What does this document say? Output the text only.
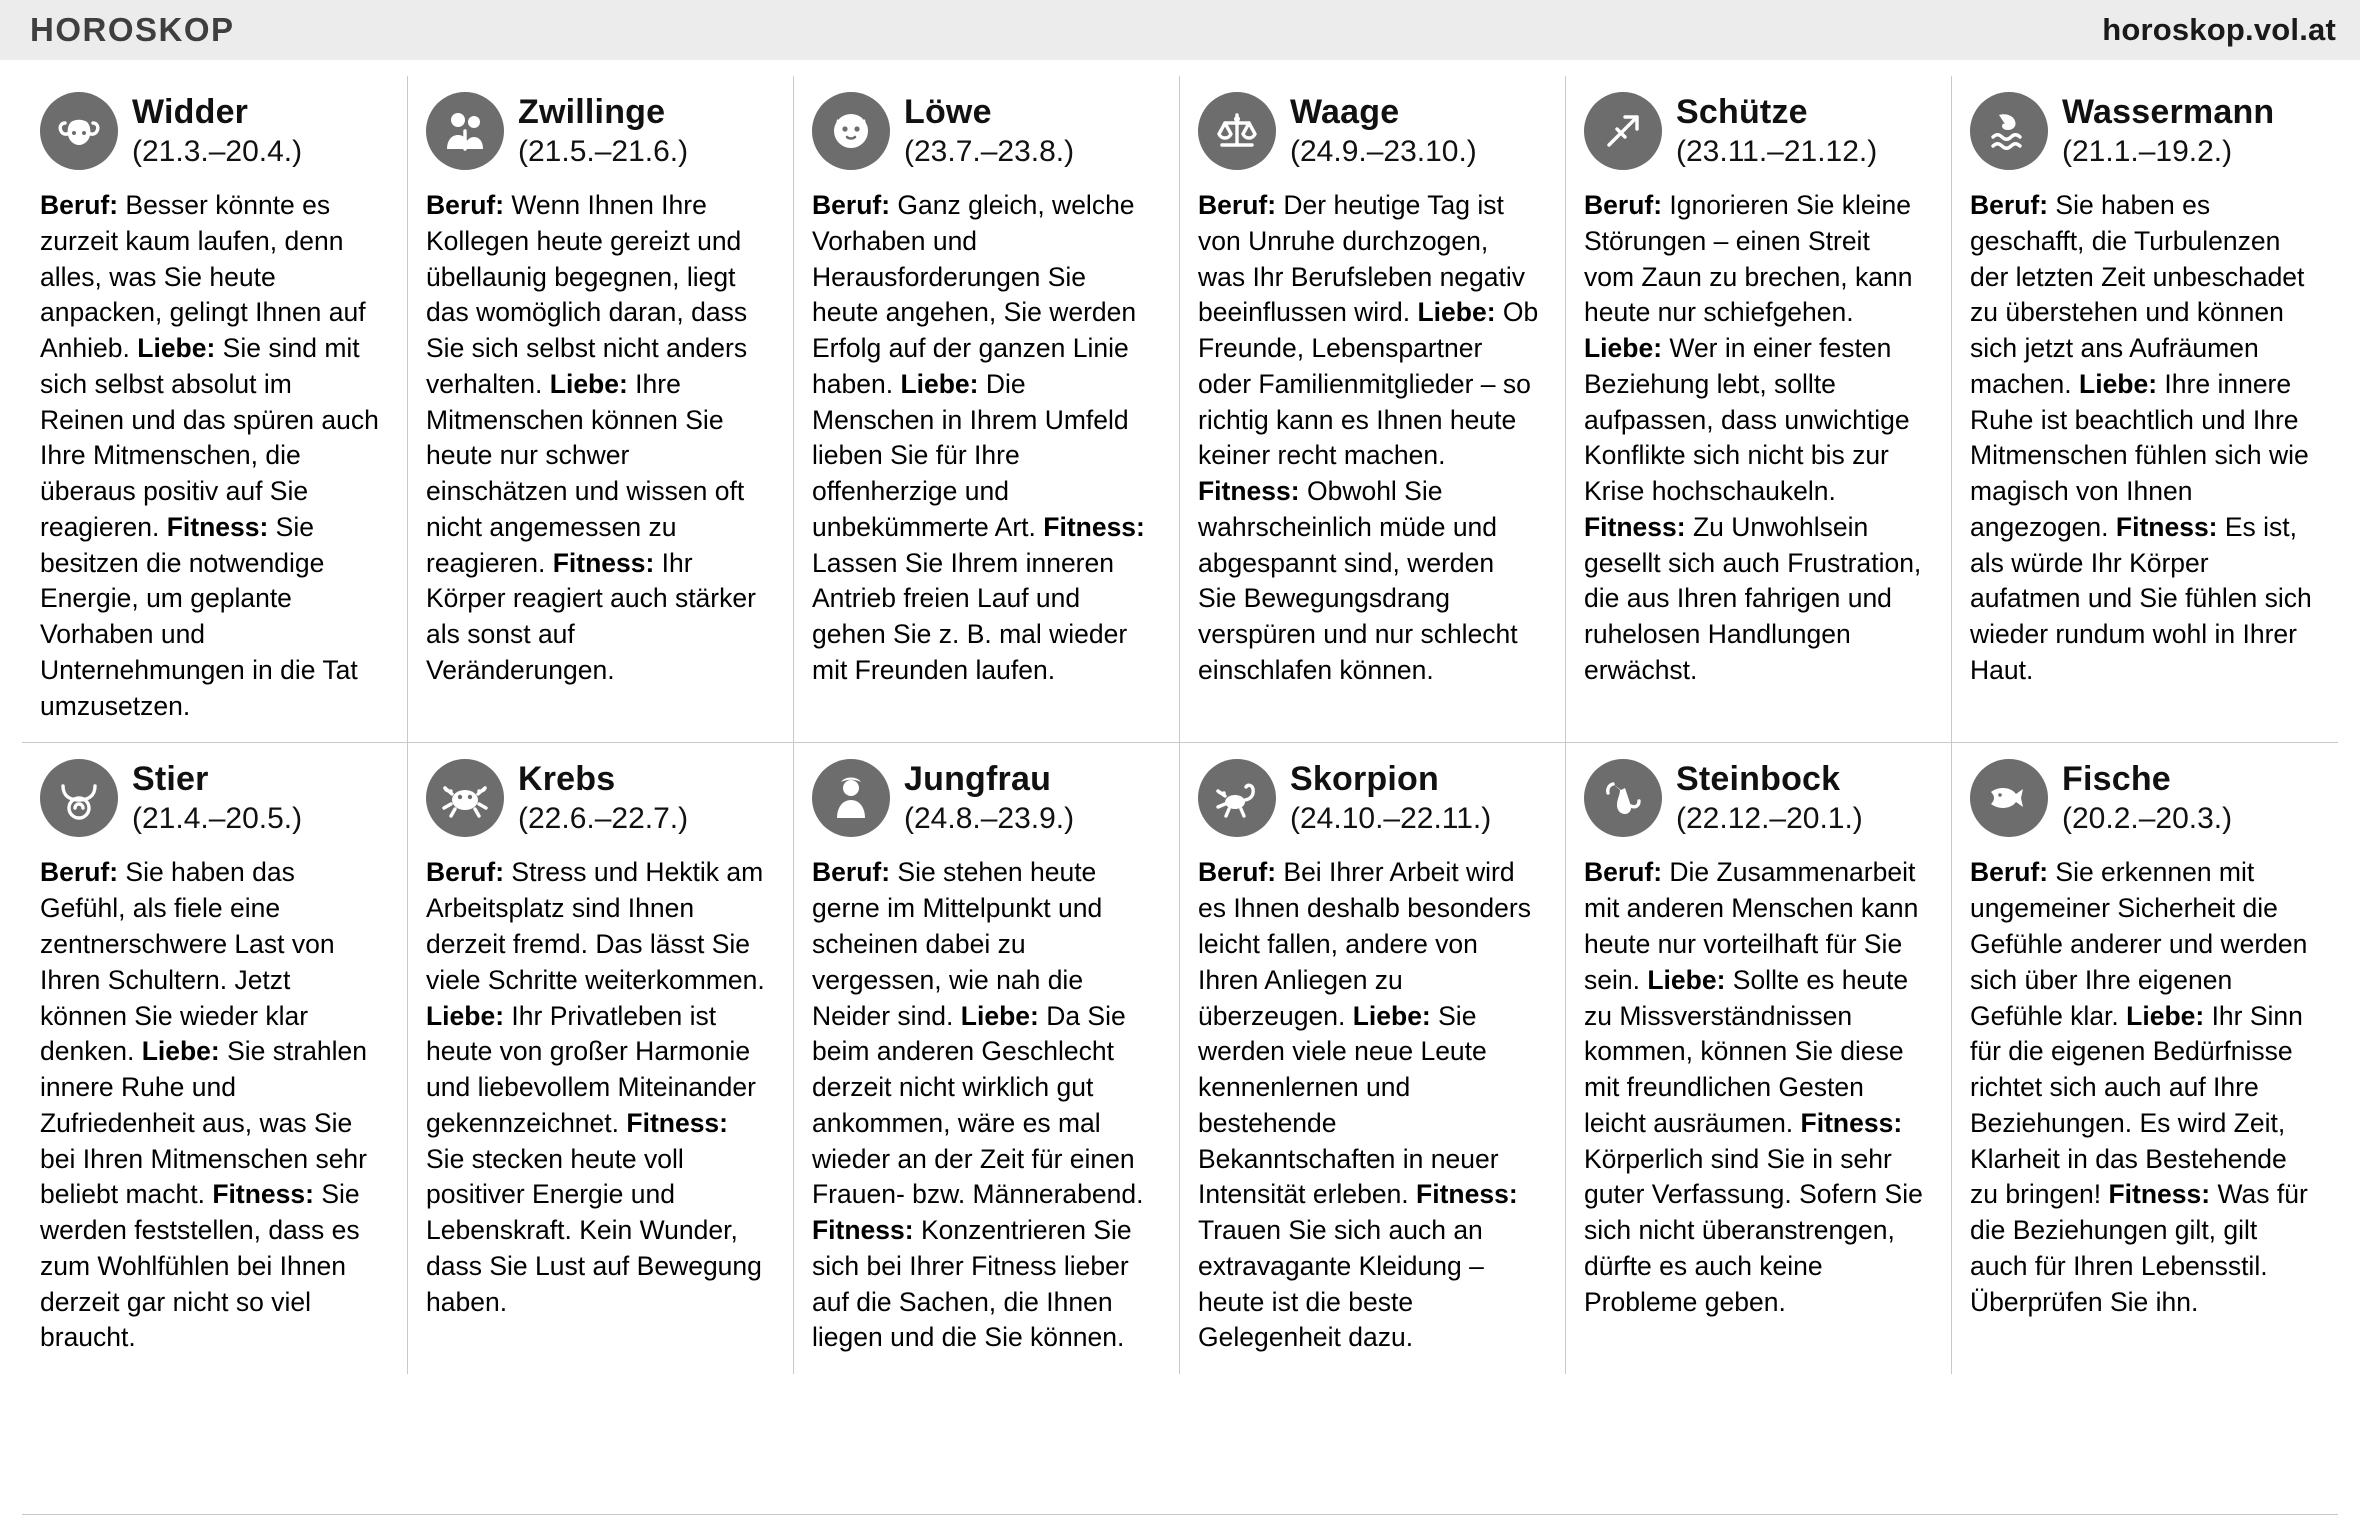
HOROSKOP	horoskop.vol.at
Widder
(21.3.–20.4.)
Beruf: Besser könnte es zurzeit kaum laufen, denn alles, was Sie heute anpacken, gelingt Ihnen auf Anhieb. Liebe: Sie sind mit sich selbst absolut im Reinen und das spüren auch Ihre Mitmenschen, die überaus positiv auf Sie reagieren. Fitness: Sie besitzen die notwendige Energie, um geplante Vorhaben und Unternehmungen in die Tat umzusetzen.
Zwillinge
(21.5.–21.6.)
Beruf: Wenn Ihnen Ihre Kollegen heute gereizt und übellaunig begegnen, liegt das womöglich daran, dass Sie sich selbst nicht anders verhalten. Liebe: Ihre Mitmenschen können Sie heute nur schwer einschätzen und wissen oft nicht angemessen zu reagieren. Fitness: Ihr Körper reagiert auch stärker als sonst auf Veränderungen.
Löwe
(23.7.–23.8.)
Beruf: Ganz gleich, welche Vorhaben und Herausforderungen Sie heute angehen, Sie werden Erfolg auf der ganzen Linie haben. Liebe: Die Menschen in Ihrem Umfeld lieben Sie für Ihre offenherzige und unbekümmerte Art. Fitness: Lassen Sie Ihrem inneren Antrieb freien Lauf und gehen Sie z. B. mal wieder mit Freunden laufen.
Waage
(24.9.–23.10.)
Beruf: Der heutige Tag ist von Unruhe durchzogen, was Ihr Berufsleben negativ beeinflussen wird. Liebe: Ob Freunde, Lebenspartner oder Familienmitglieder – so richtig kann es Ihnen heute keiner recht machen. Fitness: Obwohl Sie wahrscheinlich müde und abgespannt sind, werden Sie Bewegungsdrang verspüren und nur schlecht einschlafen können.
Schütze
(23.11.–21.12.)
Beruf: Ignorieren Sie kleine Störungen – einen Streit vom Zaun zu brechen, kann heute nur schiefgehen. Liebe: Wer in einer festen Beziehung lebt, sollte aufpassen, dass unwichtige Konflikte sich nicht bis zur Krise hochschaukeln. Fitness: Zu Unwohlsein gesellt sich auch Frustration, die aus Ihren fahrigen und ruhelosen Handlungen erwächst.
Wassermann
(21.1.–19.2.)
Beruf: Sie haben es geschafft, die Turbulenzen der letzten Zeit unbeschadet zu überstehen und können sich jetzt ans Aufräumen machen. Liebe: Ihre innere Ruhe ist beachtlich und Ihre Mitmenschen fühlen sich wie magisch von Ihnen angezogen. Fitness: Es ist, als würde Ihr Körper aufatmen und Sie fühlen sich wieder rundum wohl in Ihrer Haut.
Stier
(21.4.–20.5.)
Beruf: Sie haben das Gefühl, als fiele eine zentnerschwere Last von Ihren Schultern. Jetzt können Sie wieder klar denken. Liebe: Sie strahlen innere Ruhe und Zufriedenheit aus, was Sie bei Ihren Mitmenschen sehr beliebt macht. Fitness: Sie werden feststellen, dass es zum Wohlfühlen bei Ihnen derzeit gar nicht so viel braucht.
Krebs
(22.6.–22.7.)
Beruf: Stress und Hektik am Arbeitsplatz sind Ihnen derzeit fremd. Das lässt Sie viele Schritte weiterkommen. Liebe: Ihr Privatleben ist heute von großer Harmonie und liebevollem Miteinander gekennzeichnet. Fitness: Sie stecken heute voll positiver Energie und Lebenskraft. Kein Wunder, dass Sie Lust auf Bewegung haben.
Jungfrau
(24.8.–23.9.)
Beruf: Sie stehen heute gerne im Mittelpunkt und scheinen dabei zu vergessen, wie nah die Neider sind. Liebe: Da Sie beim anderen Geschlecht derzeit nicht wirklich gut ankommen, wäre es mal wieder an der Zeit für einen Frauen- bzw. Männerabend. Fitness: Konzentrieren Sie sich bei Ihrer Fitness lieber auf die Sachen, die Ihnen liegen und die Sie können.
Skorpion
(24.10.–22.11.)
Beruf: Bei Ihrer Arbeit wird es Ihnen deshalb besonders leicht fallen, andere von Ihren Anliegen zu überzeugen. Liebe: Sie werden viele neue Leute kennenlernen und bestehende Bekanntschaften in neuer Intensität erleben. Fitness: Trauen Sie sich auch an extravagante Kleidung – heute ist die beste Gelegenheit dazu.
Steinbock
(22.12.–20.1.)
Beruf: Die Zusammenarbeit mit anderen Menschen kann heute nur vorteilhaft für Sie sein. Liebe: Sollte es heute zu Missverständnissen kommen, können Sie diese mit freundlichen Gesten leicht ausräumen. Fitness: Körperlich sind Sie in sehr guter Verfassung. Sofern Sie sich nicht überanstrengen, dürfte es auch keine Probleme geben.
Fische
(20.2.–20.3.)
Beruf: Sie erkennen mit ungemeiner Sicherheit die Gefühle anderer und werden sich über Ihre eigenen Gefühle klar. Liebe: Ihr Sinn für die eigenen Bedürfnisse richtet sich auch auf Ihre Beziehungen. Es wird Zeit, Klarheit in das Bestehende zu bringen! Fitness: Was für die Beziehungen gilt, gilt auch für Ihren Lebensstil. Überprüfen Sie ihn.
